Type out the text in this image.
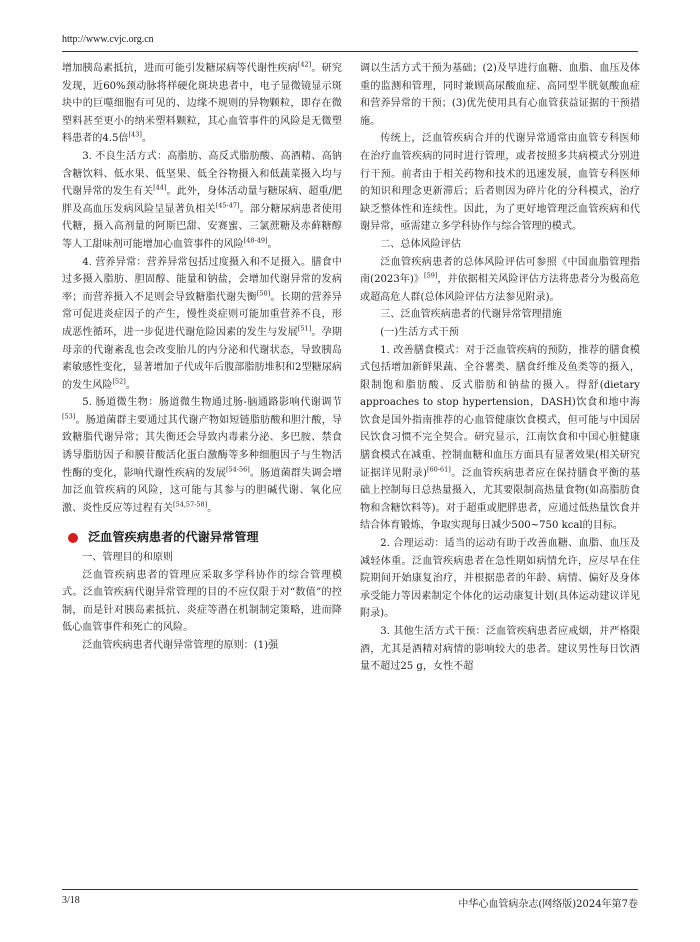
http://www.cvjc.org.cn

增加胰岛素抵抗，进而可能引发糖尿病等代谢性疾病[42]。研究发现，近60%颈动脉将样硬化斑块患者中，电子显微镜显示斑块中的巨噬细胞有可见的、边缘不规则的异物颗粒，即存在微塑料甚至更小的纳米塑料颗粒，其心血管事件的风险是无微塑料患者的4.5倍[43]。

3. 不良生活方式：高脂肪、高反式脂肪酸、高酒精、高钠含糖饮料、低水果、低坚果、低全谷物摄入和低蔬菜摄入均与代谢异常的发生有关[44]。此外，身体活动量与糖尿病、超重/肥胖及高血压发病风险呈显著负相关[45-47]。部分糖尿病患者使用代糖，摄入高剂量的阿斯巴甜、安赛蜜、三氯蔗糖及赤藓糖醇等人工甜味剂可能增加心血管事件的风险[48-49]。

4. 营养异常：营养异常包括过度摄入和不足摄入。膳食中过多摄入脂肪、胆固醇、能量和钠盐，会增加代谢异常的发病率；而营养摄入不足则会导致糖脂代谢失衡[50]。长期的营养异常可促进炎症因子的产生，慢性炎症则可能加重营养不良，形成恶性循环，进一步促进代谢危险因素的发生与发展[51]。孕期母亲的代谢紊乱也会改变胎儿的内分泌和代谢状态，导致胰岛素敏感性变化，显著增加子代成年后腹部脂肪堆积和2型糖尿病的发生风险[52]。

5. 肠道微生物：肠道微生物通过肠-脑通路影响代谢调节[53]。肠道菌群主要通过其代谢产物如短链脂肪酸和胆汁酸，导致糖脂代谢异常；其失衡还会导致内毒素分泌、多巴胺、禁食诱导脂肪因子和膜苷酸活化蛋白激酶等多种细胞因子与生物活性酶的变化，影响代谢性疾病的发展[54-56]。肠道菌群失调会增加泛血管疾病的风险，这可能与其参与的胆碱代谢、氧化应激、炎性反应等过程有关[54,57-58]。

泛血管疾病患者的代谢异常管理

一、管理目的和原则

泛血管疾病患者的管理应采取多学科协作的综合管理模式。泛血管疾病代谢异常管理的目的不应仅限于对“数值”的控制，而是针对胰岛素抵抗、炎症等潜在机制制定策略，进而降低心血管事件和死亡的风险。

泛血管疾病患者代谢异常管理的原则：(1)强

调以生活方式干预为基础；(2)及早进行血糖、血脂、血压及体重的监测和管理，同时兼顾高尿酸血症、高同型半胱氨酸血症和营养异常的干预；(3)优先使用具有心血管获益证据的干预措施。

传统上，泛血管疾病合并的代谢异常通常由血管专科医师在治疗血管疾病的同时进行管理，或者按照多共病模式分别进行干预。前者由于相关药物和技术的迅速发展，血管专科医师的知识和理念更新滞后；后者则因为碎片化的分科模式，治疗缺乏整体性和连续性。因此，为了更好地管理泛血管疾病和代谢异常，亟需建立多学科协作与综合管理的模式。

二、总体风险评估

泛血管疾病患者的总体风险评估可参照《中国血脂管理指南(2023年)》[59]，并依据相关风险评估方法将患者分为极高危或超高危人群(总体风险评估方法参见附录)。

三、泛血管疾病患者的代谢异常管理措施

(一)生活方式干预

1. 改善膳食模式：对于泛血管疾病的预防，推荐的膳食模式包括增加新鲜果蔬、全谷薯类、膳食纤维及鱼类等的摄入，限制饱和脂肪酸、反式脂肪和钠盐的摄入。得舒(dietary approaches to stop hypertension，DASH)饮食和地中海饮食是国外指南推荐的心血管健康饮食模式，但可能与中国居民饮食习惯不完全契合。研究显示，江南饮食和中国心脏健康膳食模式在减重、控制血糖和血压方面具有显著效果(相关研究证据详见附录)[60-61]。泛血管疾病患者应在保持膳食平衡的基础上控制每日总热量摄入，尤其要限制高热量食物(如高脂肪食物和含糖饮料等)。对于超重或肥胖患者，应通过低热量饮食并结合体育锻炼，争取实现每日减少500~750 kcal的目标。

2. 合理运动：适当的运动有助于改善血糖、血脂、血压及减轻体重。泛血管疾病患者在急性期如病情允许，应尽早在住院期间开始康复治疗，并根据患者的年龄、病情、偏好及身体承受能力等因素制定个体化的运动康复计划(具体运动建议详见附录)。

3. 其他生活方式干预：泛血管疾病患者应戒烟，并严格限酒，尤其是酒精对病情的影响较大的患者。建议男性每日饮酒量不超过25 g，女性不超

3/18	中华心血管病杂志(网络版)2024年第7卷
